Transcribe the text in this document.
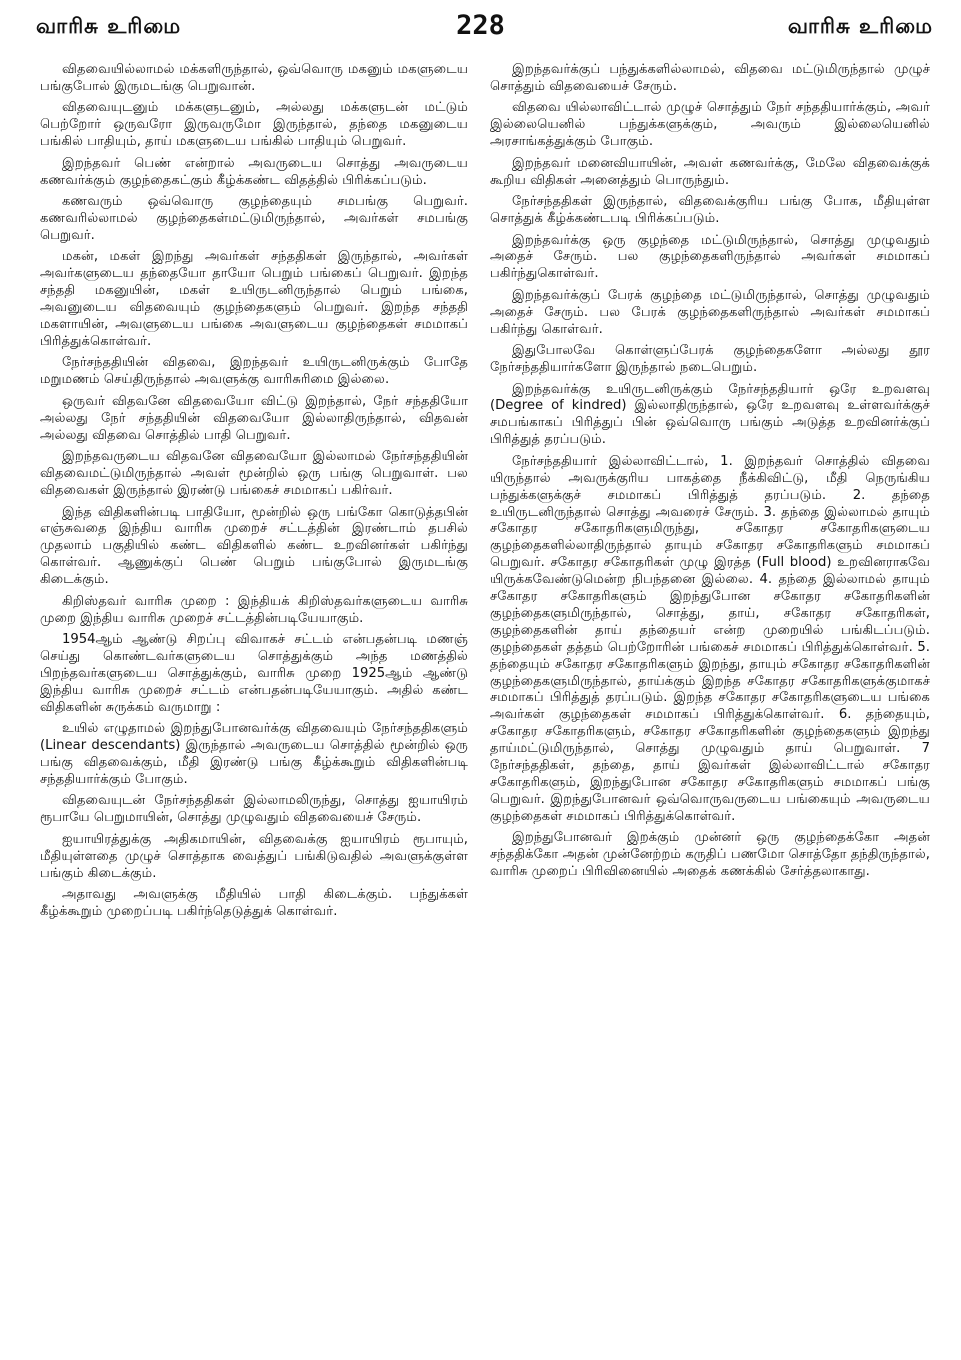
வாரிசு உரிமை	228	வாரிசு உரிமை

விதவையில்லாமல் மக்களிருந்தால், ஒவ்வொரு மகனும் மகளுடைய பங்குபோல் இருமடங்கு பெறுவான்.

விதவையுடனும் மக்களுடனும், அல்லது மக்களுடன் மட்டும் பெற்றோர் ஒருவரோ இருவருமோ இருந்தால், தந்தை மகனுடைய பங்கில் பாதியும், தாய் மகளுடைய பங்கில் பாதியும் பெறுவர்.

இறந்தவர் பெண் என்றால் அவருடைய சொத்து அவருடைய கணவர்க்கும் குழந்தைகட்கும் கீழ்க்கண்ட விதத்தில் பிரிக்கப்படும்.

கணவரும் ஒவ்வொரு குழந்தையும் சமபங்கு பெறுவர். கணவரில்லாமல் குழந்தைகள்மட்டுமிருந்தால், அவர்கள் சமபங்கு பெறுவர்.

மகன், மகள் இறந்து அவர்கள் சந்ததிகள் இருந்தால், அவர்கள் அவர்களுடைய தந்தையோ தாயோ பெறும் பங்கைப் பெறுவர். இறந்த சந்ததி மகனுயின், மகள் உயிருடனிருந்தால் பெறும் பங்கை, அவனுடைய விதவையும் குழந்தைகளும் பெறுவர். இறந்த சந்ததி மகளாயின், அவளுடைய பங்கை அவளுடைய குழந்தைகள் சமமாகப் பிரித்துக்கொள்வர்.

நேர்சந்ததியின் விதவை, இறந்தவர் உயிருடனிருக்கும் போதே மறுமணம் செய்திருந்தால் அவளுக்கு வாரிசுரிமை இல்லை.

ஒருவர் விதவனே விதவையோ விட்டு இறந்தால், நேர் சந்ததியோ அல்லது நேர் சந்ததியின் விதவையோ இல்லாதிருந்தால், விதவன் அல்லது விதவை சொத்தில் பாதி பெறுவர்.

இறந்தவருடைய விதவனே விதவையோ இல்லாமல் நேர்சந்ததியின் விதவைமட்டுமிருந்தால் அவள் மூன்றில் ஒரு பங்கு பெறுவாள். பல விதவைகள் இருந்தால் இரண்டு பங்கைச் சமமாகப் பகிர்வர்.

இந்த விதிகளின்படி பாதியோ, மூன்றில் ஒரு பங்கோ கொடுத்தபின் எஞ்சுவதை இந்திய வாரிசு முறைச் சட்டத்தின் இரண்டாம் தபசில் முதலாம் பகுதியில் கண்ட விதிகளில் கண்ட உறவினர்கள் பகிர்ந்து கொள்வர். ஆணுக்குப் பெண் பெறும் பங்குபோல் இருமடங்கு கிடைக்கும்.

கிறிஸ்தவர் வாரிசு முறை : இந்தியக் கிறிஸ்தவர்களுடைய வாரிசு முறை இந்திய வாரிசு முறைச் சட்டத்தின்படியேயாகும்.

1954ஆம் ஆண்டு சிறப்பு விவாகச் சட்டம் என்பதன்படி மணஞ் செய்து கொண்டவர்களுடைய சொத்துக்கும் அந்த மணத்தில் பிறந்தவர்களுடைய சொத்துக்கும், வாரிசு முறை 1925ஆம் ஆண்டு இந்திய வாரிசு முறைச் சட்டம் என்பதன்படியேயாகும். அதில் கண்ட விதிகளின் சுருக்கம் வருமாறு :

உயில் எழுதாமல் இறந்துபோனவர்க்கு விதவையும் நேர்சந்ததிகளும் (Linear descendants) இருந்தால் அவருடைய சொத்தில் மூன்றில் ஒரு பங்கு விதவைக்கும், மீதி இரண்டு பங்கு கீழ்க்கூறும் விதிகளின்படி சந்ததியார்க்கும் போகும்.

விதவையுடன் நேர்சந்ததிகள் இல்லாமலிருந்து, சொத்து ஐயாயிரம் ரூபாயே பெறுமாயின், சொத்து முழுவதும் விதவையைச் சேரும்.

ஐயாயிரத்துக்கு அதிகமாயின், விதவைக்கு ஐயாயிரம் ரூபாயும், மீதியுள்ளதை முழுச் சொத்தாக வைத்துப் பங்கிடுவதில் அவளுக்குள்ள பங்கும் கிடைக்கும்.

அதாவது அவளுக்கு மீதியில் பாதி கிடைக்கும். பந்துக்கள் கீழ்க்கூறும் முறைப்படி பகிர்ந்தெடுத்துக் கொள்வர்.

இறந்தவர்க்குப் பந்துக்களில்லாமல், விதவை மட்டுமிருந்தால் முழுச் சொத்தும் விதவையைச் சேரும்.

விதவை யில்லாவிட்டால் முழுச் சொத்தும் நேர் சந்ததியார்க்கும், அவர் இல்லையெனில் பந்துக்களுக்கும், அவரும் இல்லையெனில் அரசாங்கத்துக்கும் போகும்.

இறந்தவர் மனைவியாயின், அவள் கணவர்க்கு, மேலே விதவைக்குக் கூறிய விதிகள் அனைத்தும் பொருந்தும்.

நேர்சந்ததிகள் இருந்தால், விதவைக்குரிய பங்கு போக, மீதியுள்ள சொத்துக் கீழ்க்கண்டபடி பிரிக்கப்படும்.

இறந்தவர்க்கு ஒரு குழந்தை மட்டுமிருந்தால், சொத்து முழுவதும் அதைச் சேரும். பல குழந்தைகளிருந்தால் அவர்கள் சமமாகப் பகிர்ந்துகொள்வர்.

இறந்தவர்க்குப் பேரக் குழந்தை மட்டுமிருந்தால், சொத்து முழுவதும் அதைச் சேரும். பல பேரக் குழந்தைகளிருந்தால் அவர்கள் சமமாகப் பகிர்ந்து கொள்வர்.

இதுபோலவே கொள்ளுப்பேரக் குழந்தைகளோ அல்லது தூர நேர்சந்ததியார்களோ இருந்தால் நடைபெறும்.

இறந்தவர்க்கு உயிருடனிருக்கும் நேர்சந்ததியார் ஒரே உறவளவு (Degree of kindred) இல்லாதிருந்தால், ஒரே உறவளவு உள்ளவர்க்குச் சமபங்காகப் பிரித்துப் பின் ஒவ்வொரு பங்கும் அடுத்த உறவினர்க்குப் பிரித்துத் தரப்படும்.

நேர்சந்ததியார் இல்லாவிட்டால், 1. இறந்தவர் சொத்தில் விதவை யிருந்தால் அவருக்குரிய பாகத்தை நீக்கிவிட்டு, மீதி நெருங்கிய பந்துக்களுக்குச் சமமாகப் பிரித்துத் தரப்படும். 2. தந்தை உயிருடனிருந்தால் சொத்து அவரைச் சேரும். 3. தந்தை இல்லாமல் தாயும் சகோதர சகோதரிகளுமிருந்து, சகோதர சகோதரிகளுடைய குழந்தைகளில்லாதிருந்தால் தாயும் சகோதர சகோதரிகளும் சமமாகப் பெறுவர். சகோதர சகோதரிகள் முழு இரத்த (Full blood) உறவினராகவே யிருக்கவேண்டுமென்ற நிபந்தனை இல்லை. 4. தந்தை இல்லாமல் தாயும் சகோதர சகோதரிகளும் இறந்துபோன சகோதர சகோதரிகளின் குழந்தைகளுமிருந்தால், சொத்து, தாய், சகோதர சகோதரிகள், குழந்தைகளின் தாய் தந்தையர் என்ற முறையில் பங்கிடப்படும். குழந்தைகள் தத்தம் பெற்றோரின் பங்கைச் சமமாகப் பிரித்துக்கொள்வர். 5. தந்தையும் சகோதர சகோதரிகளும் இறந்து, தாயும் சகோதர சகோதரிகளின் குழந்தைகளுமிருந்தால், தாய்க்கும் இறந்த சகோதர சகோதரிகளுக்குமாகச் சமமாகப் பிரித்துத் தரப்படும். இறந்த சகோதர சகோதரிகளுடைய பங்கை அவர்கள் குழந்தைகள் சமமாகப் பிரித்துக்கொள்வர். 6. தந்தையும், சகோதர சகோதரிகளும், சகோதர சகோதரிகளின் குழந்தைகளும் இறந்து தாய்மட்டுமிருந்தால், சொத்து முழுவதும் தாய் பெறுவாள். 7 நேர்சந்ததிகள், தந்தை, தாய் இவர்கள் இல்லாவிட்டால் சகோதர சகோதரிகளும், இறந்துபோன சகோதர சகோதரிகளும் சமமாகப் பங்கு பெறுவர். இறந்துபோனவர் ஒவ்வொருவருடைய பங்கையும் அவருடைய குழந்தைகள் சமமாகப் பிரித்துக்கொள்வர்.

இறந்துபோனவர் இறக்கும் முன்னர் ஒரு குழந்தைக்கோ அதன் சந்ததிக்கோ அதன் முன்னேற்றம் கருதிப் பணமோ சொத்தோ தந்திருந்தால், வாரிசு முறைப் பிரிவினையில் அதைக் கணக்கில் சேர்த்தலாகாது.
